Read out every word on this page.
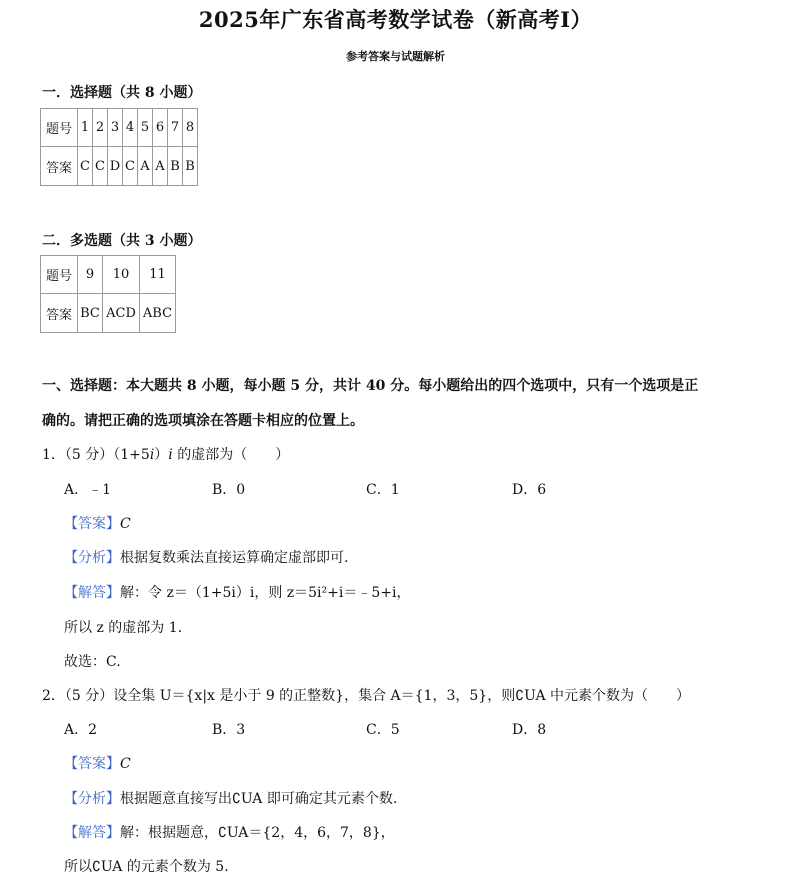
2025年广东省高考数学试卷（新高考Ⅰ）
参考答案与试题解析
一．选择题（共 8 小题）
题号	1	2	3	4	5	6	7	8
答案	C	C	D	C	A	A	B	B
二．多选题（共 3 小题）
题号	9	10	11
答案	BC	ACD	ABC
一、选择题：本大题共 8 小题，每小题 5 分，共计 40 分。每小题给出的四个选项中，只有一个选项是正
确的。请把正确的选项填涂在答题卡相应的位置上。
1．（5 分）（1+5i）i 的虚部为（　　）
A．﹣1	B．0	C．1	D．6
【答案】C
【分析】根据复数乘法直接运算确定虚部即可.
【解答】解：令 z＝（1+5i）i，则 z＝5i²+i＝﹣5+i，
所以 z 的虚部为 1.
故选：C.
2．（5 分）设全集 U＝{x|x 是小于 9 的正整数}，集合 A＝{1，3，5}，则∁UA 中元素个数为（　　）
A．2	B．3	C．5	D．8
【答案】C
【分析】根据题意直接写出∁UA 即可确定其元素个数.
【解答】解：根据题意，∁UA＝{2，4，6，7，8}，
所以∁UA 的元素个数为 5.
